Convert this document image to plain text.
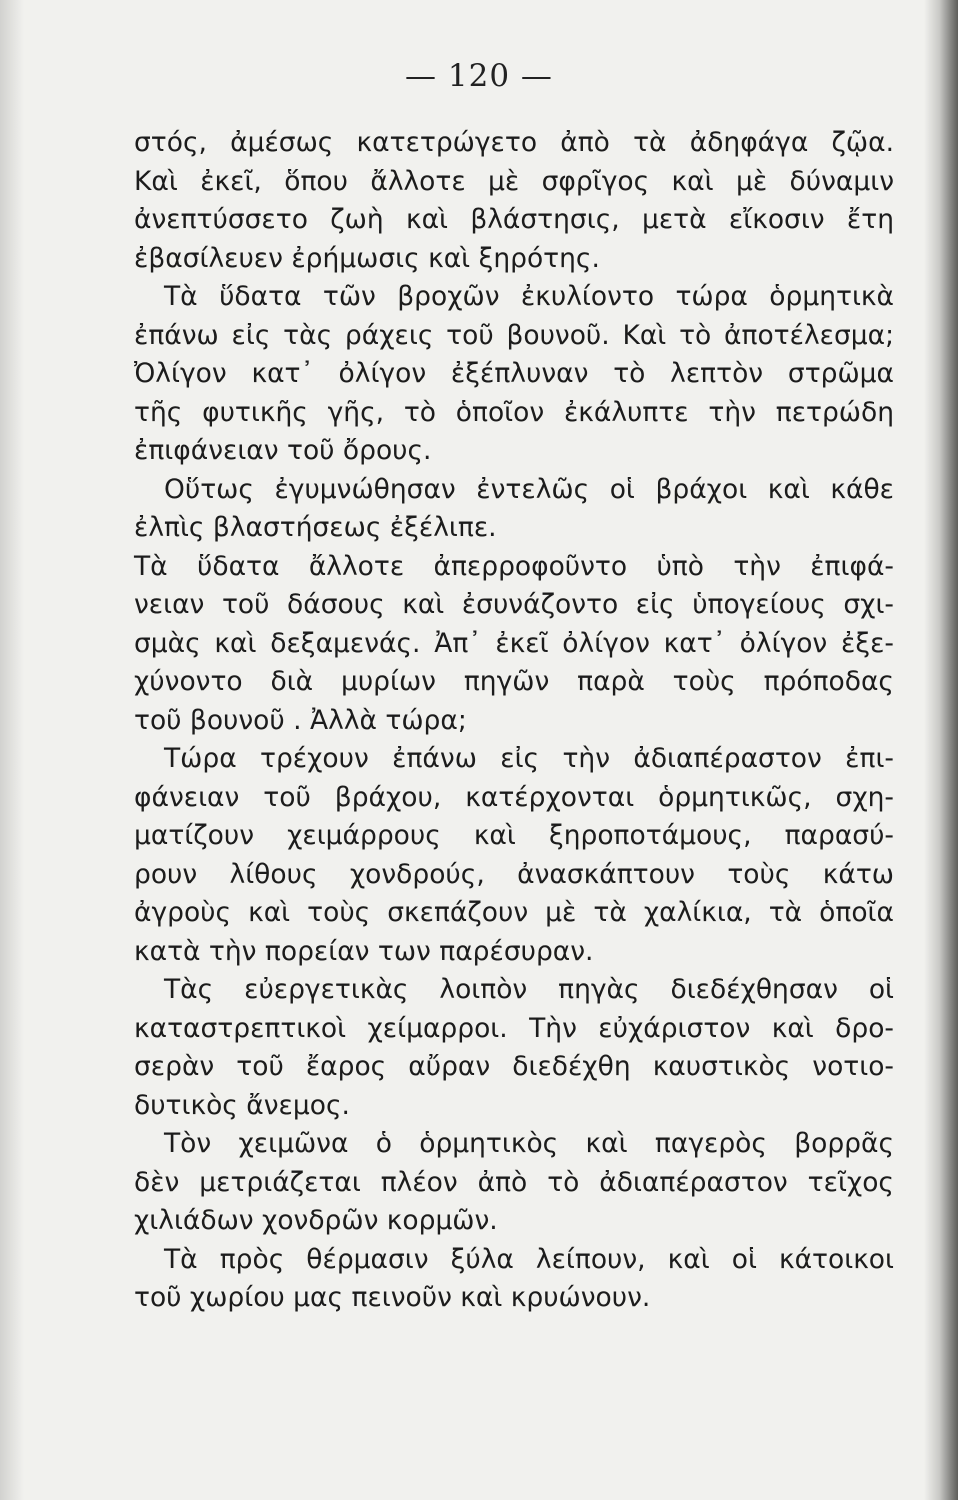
— 120 —
στός, ἀμέσως κατετρώγετο ἀπὸ τὰ ἀδηφάγα ζῷα.
Καὶ ἐκεῖ, ὅπου ἄλλοτε μὲ σφρῖγος καὶ μὲ δύναμιν
ἀνεπτύσσετο ζωὴ καὶ βλάστησις, μετὰ εἴκοσιν ἔτη
ἐβασίλευεν ἐρήμωσις καὶ ξηρότης.
Τὰ ὕδατα τῶν βροχῶν ἐκυλίοντο τώρα ὁρμητικὰ
ἐπάνω εἰς τὰς ράχεις τοῦ βουνοῦ. Καὶ τὸ ἀποτέλεσμα;
Ὀλίγον κατ᾽ ὀλίγον ἐξέπλυναν τὸ λεπτὸν στρῶμα
τῆς φυτικῆς γῆς, τὸ ὁποῖον ἐκάλυπτε τὴν πετρώδη
ἐπιφάνειαν τοῦ ὄρους.
Οὕτως ἐγυμνώθησαν ἐντελῶς οἱ βράχοι καὶ κάθε
ἐλπὶς βλαστήσεως ἐξέλιπε.
Τὰ ὕδατα ἄλλοτε ἀπερροφοῦντο ὑπὸ τὴν ἐπιφά-
νειαν τοῦ δάσους καὶ ἐσυνάζοντο εἰς ὑπογείους σχι-
σμὰς καὶ δεξαμενάς. Ἀπ᾽ ἐκεῖ ὀλίγον κατ᾽ ὀλίγον ἐξε-
χύνοντο διὰ μυρίων πηγῶν παρὰ τοὺς πρόποδας
τοῦ βουνοῦ . Ἀλλὰ τώρα;
Τώρα τρέχουν ἐπάνω εἰς τὴν ἀδιαπέραστον ἐπι-
φάνειαν τοῦ βράχου, κατέρχονται ὁρμητικῶς, σχη-
ματίζουν χειμάρρους καὶ ξηροποτάμους, παρασύ-
ρουν λίθους χονδρούς, ἀνασκάπτουν τοὺς κάτω
ἀγροὺς καὶ τοὺς σκεπάζουν μὲ τὰ χαλίκια, τὰ ὁποῖα
κατὰ τὴν πορείαν των παρέσυραν.
Τὰς εὐεργετικὰς λοιπὸν πηγὰς διεδέχθησαν οἱ
καταστρεπτικοὶ χείμαρροι. Τὴν εὐχάριστον καὶ δρο-
σερὰν τοῦ ἔαρος αὔραν διεδέχθη καυστικὸς νοτιο-
δυτικὸς ἄνεμος.
Τὸν χειμῶνα ὁ ὁρμητικὸς καὶ παγερὸς βορρᾶς
δὲν μετριάζεται πλέον ἀπὸ τὸ ἀδιαπέραστον τεῖχος
χιλιάδων χονδρῶν κορμῶν.
Τὰ πρὸς θέρμασιν ξύλα λείπουν, καὶ οἱ κάτοικοι
τοῦ χωρίου μας πεινοῦν καὶ κρυώνουν.
